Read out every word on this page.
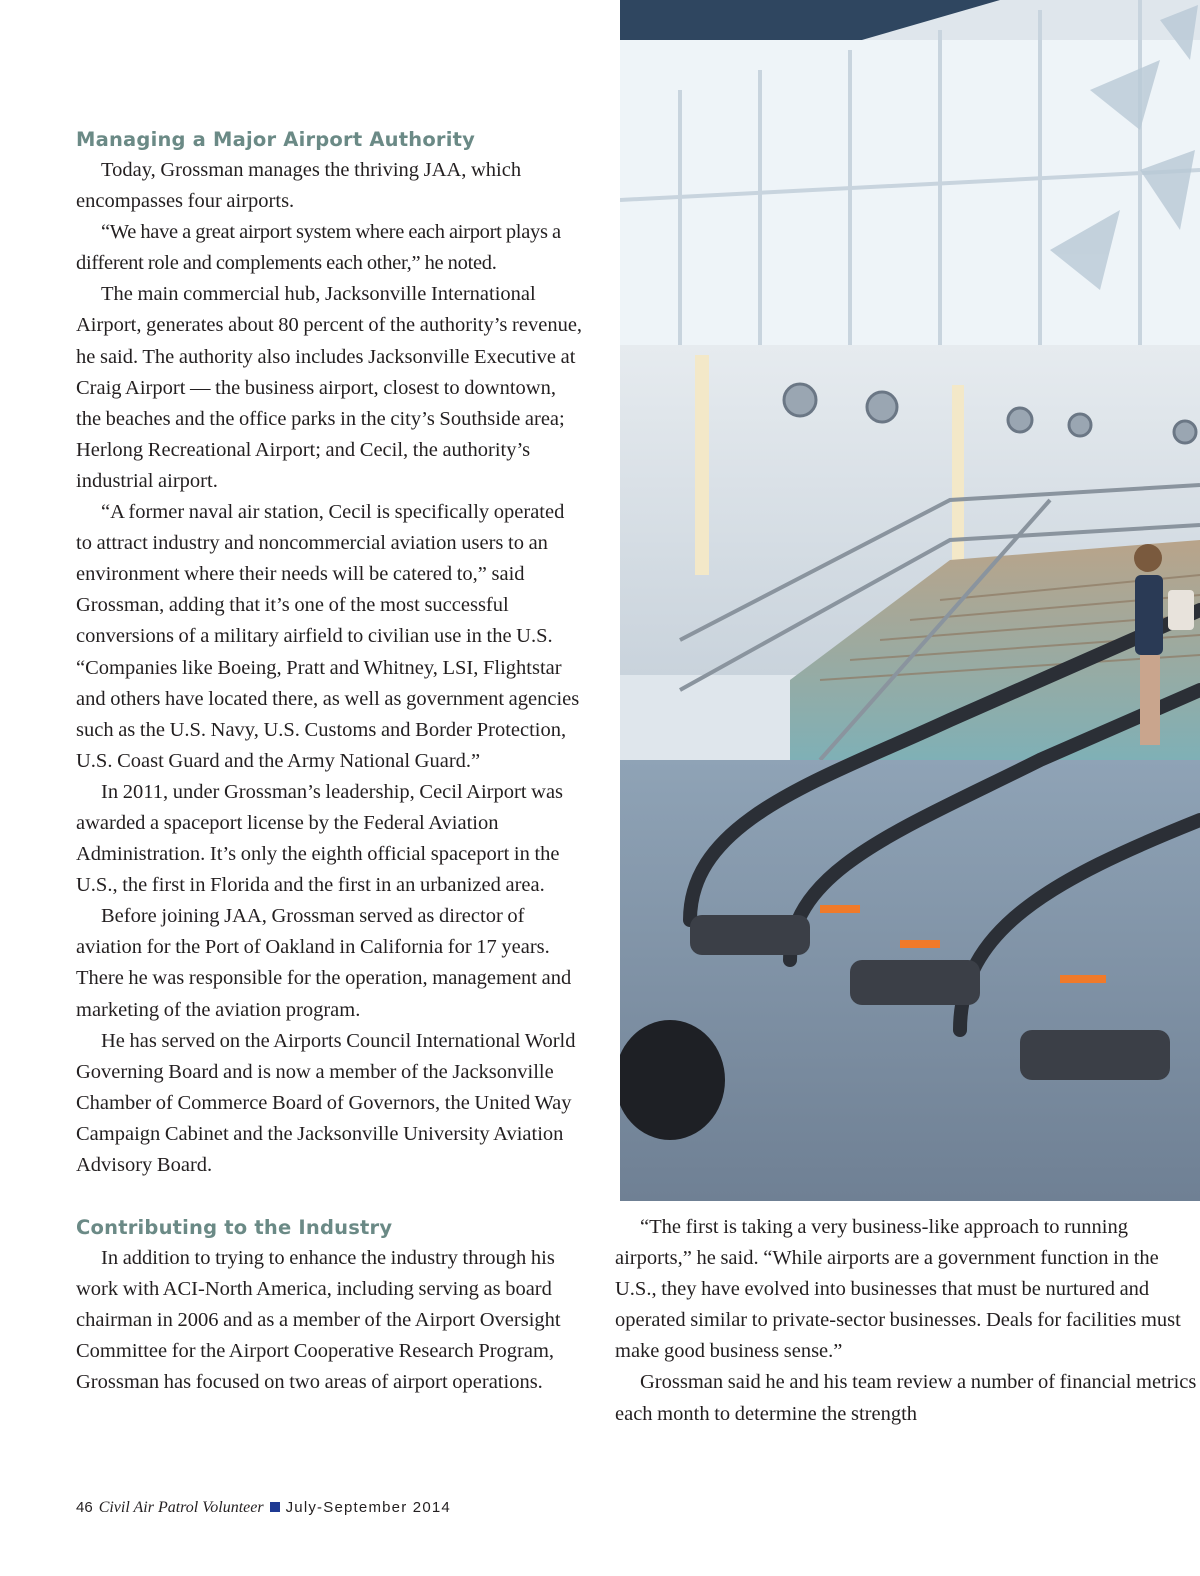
Managing a Major Airport Authority

Today, Grossman manages the thriving JAA, which encompasses four airports.

“We have a great airport system where each airport plays a different role and complements each other,” he noted.

The main commercial hub, Jacksonville International Airport, generates about 80 percent of the authority’s revenue, he said. The authority also includes Jacksonville Executive at Craig Airport — the business airport, closest to downtown, the beaches and the office parks in the city’s Southside area; Herlong Recreational Airport; and Cecil, the authority’s industrial airport.

“A former naval air station, Cecil is specifically operated to attract industry and noncommercial aviation users to an environment where their needs will be catered to,” said Grossman, adding that it’s one of the most successful conversions of a military airfield to civilian use in the U.S. “Companies like Boeing, Pratt and Whitney, LSI, Flightstar and others have located there, as well as government agencies such as the U.S. Navy, U.S. Customs and Border Protection, U.S. Coast Guard and the Army National Guard.”

In 2011, under Grossman’s leadership, Cecil Airport was awarded a spaceport license by the Federal Aviation Administration. It’s only the eighth official spaceport in the U.S., the first in Florida and the first in an urbanized area.

Before joining JAA, Grossman served as director of aviation for the Port of Oakland in California for 17 years. There he was responsible for the operation, management and marketing of the aviation program.

He has served on the Airports Council International World Governing Board and is now a member of the Jacksonville Chamber of Commerce Board of Governors, the United Way Campaign Cabinet and the Jacksonville University Aviation Advisory Board.

Contributing to the Industry

In addition to trying to enhance the industry through his work with ACI-North America, including serving as board chairman in 2006 and as a member of the Airport Oversight Committee for the Airport Cooperative Research Program, Grossman has focused on two areas of airport operations.

“The first is taking a very business-like approach to running airports,” he said. “While airports are a government function in the U.S., they have evolved into businesses that must be nurtured and operated similar to private-sector businesses. Deals for facilities must make good business sense.”

Grossman said he and his team review a number of financial metrics each month to determine the strength

46 Civil Air Patrol Volunteer July-September 2014
